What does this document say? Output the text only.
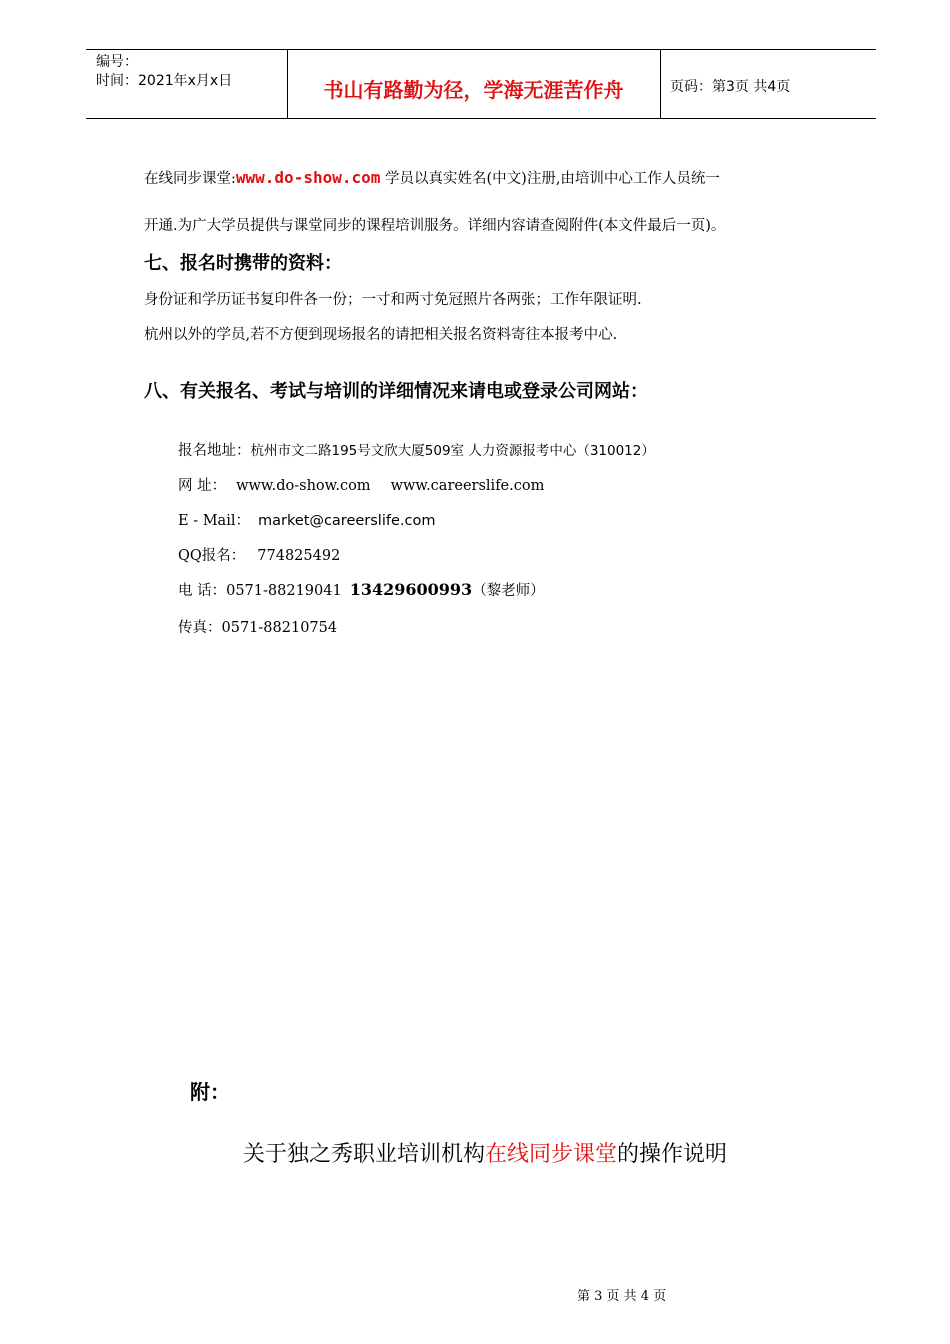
编号：
时间：2021年x月x日	书山有路勤为径，学海无涯苦作舟	页码：第3页 共4页
在线同步课堂:www.do-show.com 学员以真实姓名(中文)注册,由培训中心工作人员统一
开通.为广大学员提供与课堂同步的课程培训服务。详细内容请查阅附件(本文件最后一页)。
七、报名时携带的资料：
身份证和学历证书复印件各一份；一寸和两寸免冠照片各两张；工作年限证明.
杭州以外的学员,若不方便到现场报名的请把相关报名资料寄往本报考中心.
八、有关报名、考试与培训的详细情况来请电或登录公司网站：
报名地址：杭州市文二路195号文欣大厦509室 人力资源报考中心（310012）
网 址： www.do-show.com www.careerslife.com
E - Mail： market@careerslife.com
QQ报名： 774825492
电 话：0571-88219041 13429600993（黎老师）
传真：0571-88210754
附：
关于独之秀职业培训机构在线同步课堂的操作说明
第 3 页 共 4 页
